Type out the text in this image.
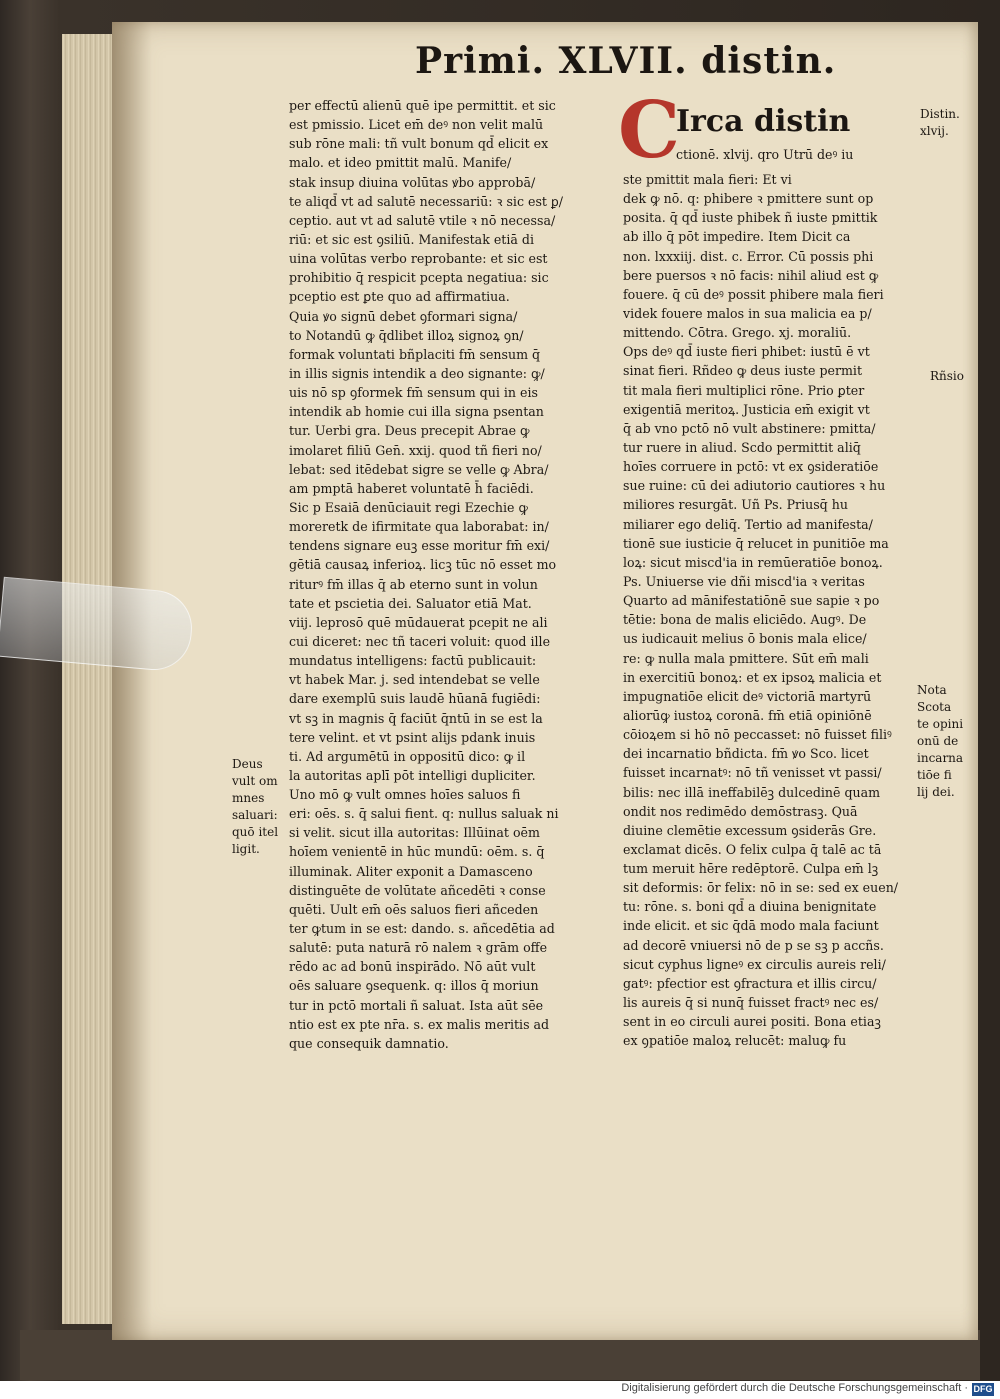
Primi. XLVII. distin.
C
Irca distin
ctionē. xlvij. qro Utrū deꝰ iu
per effectū alienū quē ipe permittit. et sic
est pmissio. Licet em̄ deꝰ non velit malū
sub rōne mali: tñ vult bonum qd̄ elicit ex
malo. et ideo pmittit malū. Manife/
stak insup diuina volūtas ꝟbo approbā/
te aliqd̄ vt ad salutē necessariū: ꝛ sic est ꝑ/
ceptio. aut vt ad salutē vtile ꝛ nō necessa/
riū: et sic est ꝯsiliū. Manifestak etiā di
uina volūtas verbo reprobante: et sic est
prohibitio q̄ respicit pcepta negatiua: sic
pceptio est ꝑte quo ad affirmatiua.
Quia ꝟo signū debet ꝯformari signa/
to Notandū ꝙ q̄dlibet illoꝝ signoꝝ ꝯn/
formak voluntati bñplaciti fm̄ sensum q̄
in illis signis intendik a deo signante: ꝙ/
uis nō sp ꝯformek fm̄ sensum qui in eis
intendik ab homie cui illa signa psentan
tur. Uerbi gra. Deus precepit Abrae ꝙ
imolaret filiū Gen̄. xxij. quod tñ fieri no/
lebat: sed itēdebat sigre se velle ꝙ Abra/
am pmptā haberet voluntatē h̄ faciēdi.
Sic p Esaiā denūciauit regi Ezechie ꝙ
moreretk de ifirmitate qua laborabat: in/
tendens signare euꝫ esse moritur fm̄ exi/
gētiā causaꝝ inferioꝝ. licꝫ tūc nō esset mo
riturꝰ fm̄ illas q̄ ab eterno sunt in volun
tate et pscietia dei. Saluator etiā Mat.
viij. leprosō quē mūdauerat pcepit ne ali
cui diceret: nec tñ taceri voluit: quod ille
mundatus intelligens: factū publicauit:
vt habek Mar. j. sed intendebat se velle
dare exemplū suis laudē hūanā fugiēdi:
vt sꝫ in magnis q̄ faciūt q̄ntū in se est la
tere velint. et vt psint alijs pdank inuis
ti. Ad argumētū in oppositū dico: ꝙ il
la autoritas aplī pōt intelligi dupliciter.
Uno mō ꝙ vult omnes hoīes saluos fi
eri: oēs. s. q̄ salui fient. q: nullus saluak ni
si velit. sicut illa autoritas: Illūinat oēm
hoīem venientē in hūc mundū: oēm. s. q̄
illuminak. Aliter exponit a Damasceno
distinguēte de volūtate añcedēti ꝛ conse
quēti. Uult em̄ oēs saluos fieri añceden
ter ꝙtum in se est: dando. s. añcedētia ad
salutē: puta naturā rō nalem ꝛ grām offe
rēdo ac ad bonū inspirādo. Nō aūt vult
oēs saluare ꝯsequenk. q: illos q̄ moriun
tur in pctō mortali ñ saluat. Ista aūt sēe
ntio est ex pte nr̄a. s. ex malis meritis ad
que consequik damnatio.
ste pmittit mala fieri: Et vi
dek ꝙ nō. q: phibere ꝛ pmittere sunt op
posita. q̄ qd̄ iuste phibek ñ iuste pmittik
ab illo q̄ pōt impedire. Item Dicit ca
non. lxxxiij. dist. c. Error. Cū possis phi
bere puersos ꝛ nō facis: nihil aliud est ꝙ
fouere. q̄ cū deꝰ possit phibere mala fieri
videk fouere malos in sua malicia ea p/
mittendo. Cōtra. Grego. xj. moraliū.
Ops deꝰ qd̄ iuste fieri phibet: iustū ē vt
sinat fieri. Rñdeo ꝙ deus iuste permit
tit mala fieri multiplici rōne. Prio ꝑter
exigentiā meritoꝝ. Justicia em̄ exigit vt
q̄ ab vno pctō nō vult abstinere: pmitta/
tur ruere in aliud. Scdo permittit aliq̄
hoīes corruere in pctō: vt ex ꝯsideratiōe
sue ruine: cū dei adiutorio cautiores ꝛ hu
miliores resurgāt. Uñ Ps. Priusq̄ hu
miliarer ego deliq̄. Tertio ad manifesta/
tionē sue iusticie q̄ relucet in punitiōe ma
loꝝ: sicut miscd'ia in remūeratiōe bonoꝝ.
Ps. Uniuerse vie dñi miscd'ia ꝛ veritas
Quarto ad mānifestatiōnē sue sapie ꝛ po
tētie: bona de malis eliciēdo. Augꝰ. De
us iudicauit melius ō bonis mala elice/
re: ꝙ nulla mala pmittere. Sūt em̄ mali
in exercitiū bonoꝝ: et ex ipsoꝝ malicia et
impugnatiōe elicit deꝰ victoriā martyrū
aliorūꝙ iustoꝝ coronā. fm̄ etiā opiniōnē
cōioꝝem si hō nō peccasset: nō fuisset filiꝰ
dei incarnatio bñdicta. fm̄ ꝟo Sco. licet
fuisset incarnatꝰ: nō tñ venisset vt passi/
bilis: nec illā ineffabilēꝫ dulcedinē quam
ondit nos redimēdo demōstrasꝫ. Quā
diuine clemētie excessum ꝯsiderās Gre.
exclamat dicēs. O felix culpa q̄ talē ac tā
tum meruit hēre redēptorē. Culpa em̄ lꝫ
sit deformis: ōr felix: nō in se: sed ex euen/
tu: rōne. s. boni qd̄ a diuina benignitate
inde elicit. et sic q̄dā modo mala faciunt
ad decorē vniuersi nō de p se sꝫ p accñs.
sicut cyphus ligneꝰ ex circulis aureis reli/
gatꝰ: pfectior est ꝯfractura et illis circu/
lis aureis q̄ si nunq̄ fuisset fractꝰ nec es/
sent in eo circuli aurei positi. Bona etiaꝫ
ex ꝯpatiōe maloꝝ relucēt: maluꝙ fu
Distin.
xlvij.
Rñsio
Nota
Scota
te opini
onū de
incarna
tiōe fi
lij dei.
Deus
vult om
mnes
saluari:
quō itel
ligit.
Digitalisierung gefördert durch die Deutsche Forschungsgemeinschaft · DFG
